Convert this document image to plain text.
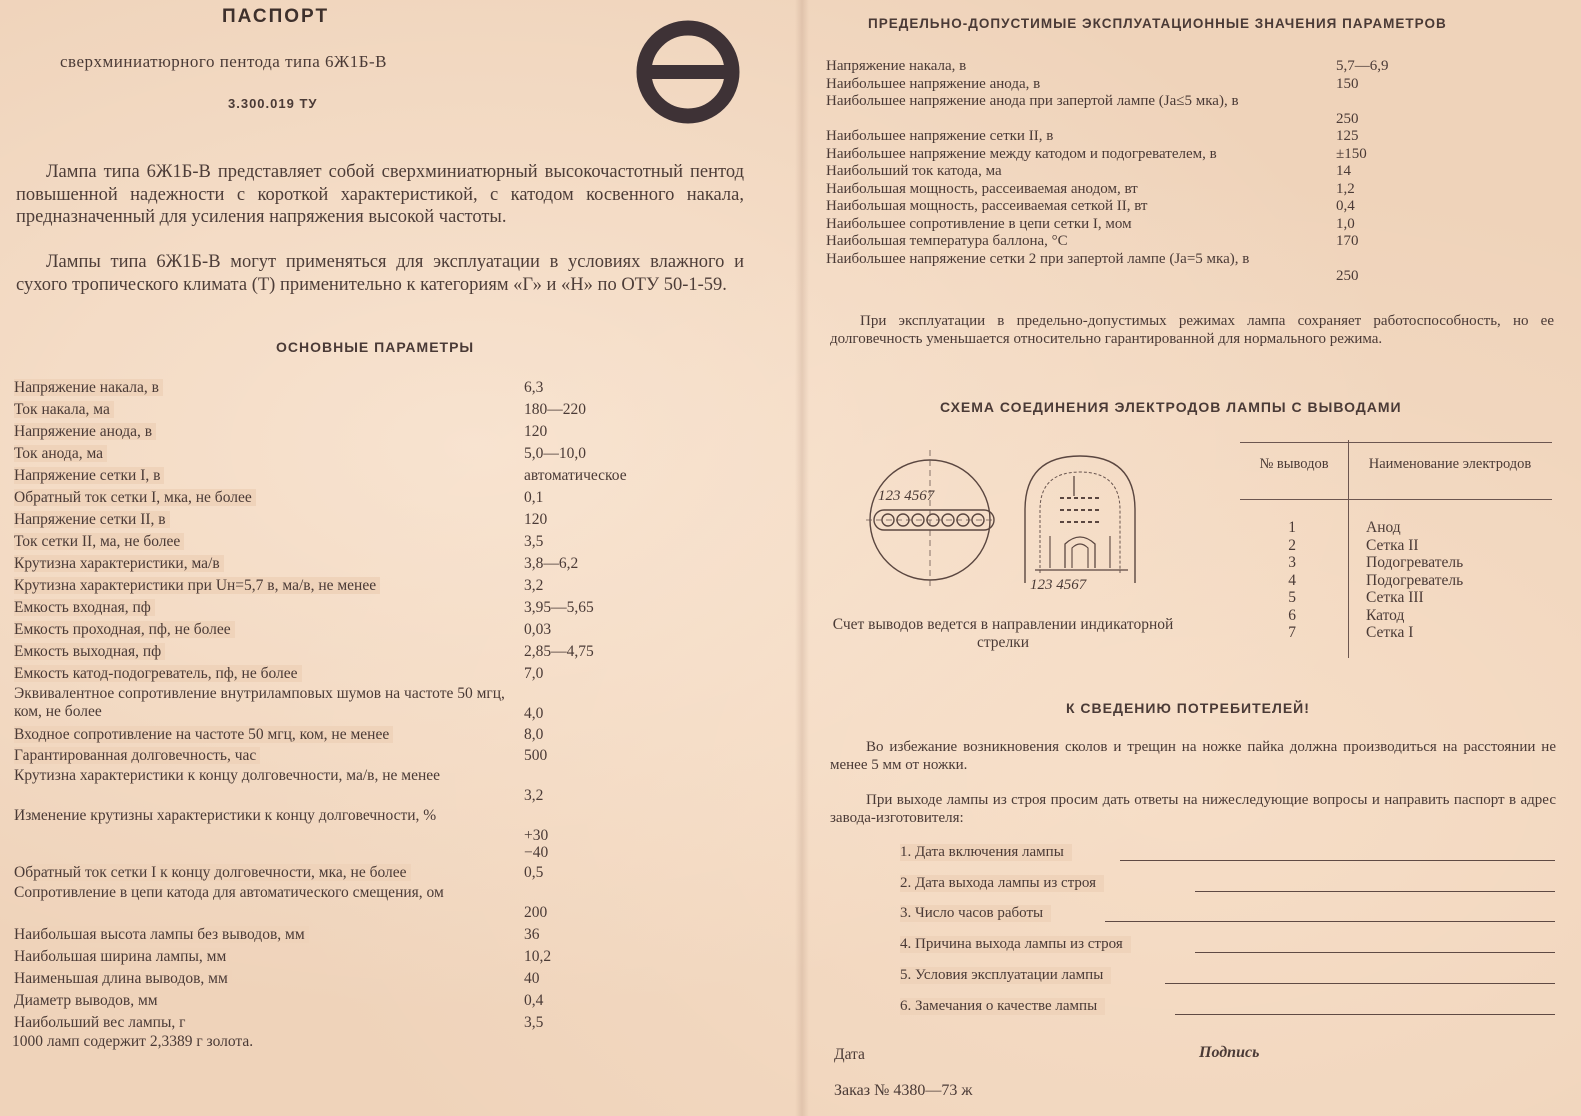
ПАСПОРТ
сверхминиатюрного пентода типа 6Ж1Б-В
3.300.019 ТУ
Лампа типа 6Ж1Б-В представляет собой сверхминиатюрный высокочастотный пентод повышенной надежности с короткой характеристикой, с катодом косвенного накала, предназначенный для усиления напряжения высокой частоты.
Лампы типа 6Ж1Б-В могут применяться для эксплуатации в условиях влажного и сухого тропического климата (Т) применительно к категориям «Г» и «Н» по ОТУ 50-1-59.
ОСНОВНЫЕ ПАРАМЕТРЫ
Напряжение накала, в . . .	6,3
Ток накала, ма . . .	180—220
Напряжение анода, в . . .	120
Ток анода, ма . . .	5,0—10,0
Напряжение сетки I, в . . .	автоматическое
Обратный ток сетки I, мка, не более . . .	0,1
Напряжение сетки II, в . . .	120
Ток сетки II, ма, не более . . .	3,5
Крутизна характеристики, ма/в . . .	3,8—6,2
Крутизна характеристики при Uн=5,7 в, ма/в, не менее . . .	3,2
Емкость входная, пф . . .	3,95—5,65
Емкость проходная, пф, не более . . .	0,03
Емкость выходная, пф . . .	2,85—4,75
Емкость катод-подогреватель, пф, не более . . .	7,0
Эквивалентное сопротивление внутриламповых шумов на частоте 50 мгц, ком, не более . . .	4,0
Входное сопротивление на частоте 50 мгц, ком, не менее . . .	8,0
Гарантированная долговечность, час . . .	500
Крутизна характеристики к концу долговечности, ма/в, не менее . . .
3,2
Изменение крутизны характеристики к концу долговечности, % . . .
+30
−40
Обратный ток сетки I к концу долговечности, мка, не более . . .	0,5
Сопротивление в цепи катода для автоматического смещения, ом . . .
200
Наибольшая высота лампы без выводов, мм . . .	36
Наибольшая ширина лампы, мм . . .	10,2
Наименьшая длина выводов, мм . . .	40
Диаметр выводов, мм . . .	0,4
Наибольший вес лампы, г . . .	3,5
1000 ламп содержит 2,3389 г золота.
ПРЕДЕЛЬНО-ДОПУСТИМЫЕ ЭКСПЛУАТАЦИОННЫЕ ЗНАЧЕНИЯ ПАРАМЕТРОВ
Напряжение накала, в	5,7—6,9
Наибольшее напряжение анода, в	150
Наибольшее напряжение анода при запертой лампе (Jа≤5 мка), в
250
Наибольшее напряжение сетки II, в	125
Наибольшее напряжение между катодом и подогревателем, в	±150
Наибольший ток катода, ма	14
Наибольшая мощность, рассеиваемая анодом, вт	1,2
Наибольшая мощность, рассеиваемая сеткой II, вт	0,4
Наибольшее сопротивление в цепи сетки I, мом	1,0
Наибольшая температура баллона, °С	170
Наибольшее напряжение сетки 2 при запертой лампе (Jа=5 мка), в
250
При эксплуатации в предельно-допустимых режимах лампа сохраняет работоспособность, но ее долговечность уменьшается относительно гарантированной для нормального режима.
СХЕМА СОЕДИНЕНИЯ ЭЛЕКТРОДОВ ЛАМПЫ С ВЫВОДАМИ
123 4567
123 4567
Счет выводов ведется в направлении индикаторной стрелки
№ выводов	Наименование электродов
1	Анод
2	Сетка II
3	Подогреватель
4	Подогреватель
5	Сетка III
6	Катод
7	Сетка I
К СВЕДЕНИЮ ПОТРЕБИТЕЛЕЙ!
Во избежание возникновения сколов и трещин на ножке пайка должна производиться на расстоянии не менее 5 мм от ножки.
При выходе лампы из строя просим дать ответы на нижеследующие вопросы и направить паспорт в адрес завода-изготовителя:
1. Дата включения лампы
2. Дата выхода лампы из строя
3. Число часов работы
4. Причина выхода лампы из строя
5. Условия эксплуатации лампы
6. Замечания о качестве лампы
Дата	Подпись
Заказ № 4380—73 ж
